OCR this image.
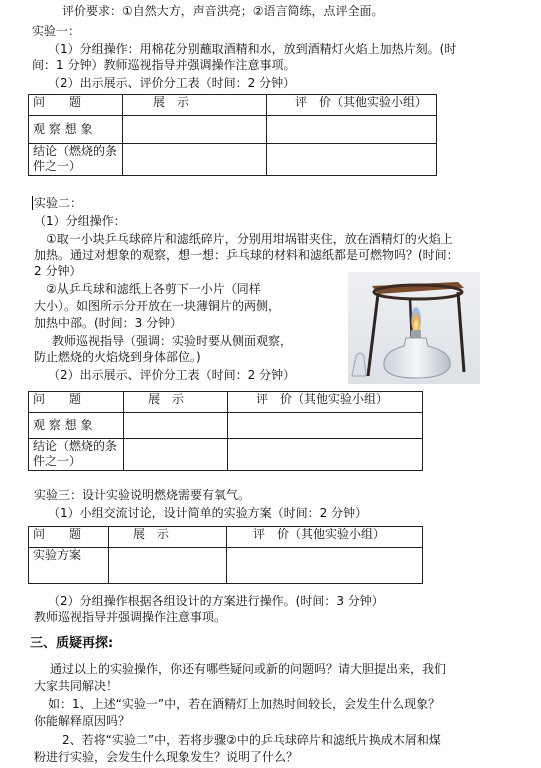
评价要求：①自然大方，声音洪亮；②语言简练，点评全面。
实验一：
（1）分组操作：用棉花分别蘸取酒精和水，放到酒精灯火焰上加热片刻。(时
间：1 分钟）教师巡视指导并强调操作注意事项。
（2）出示展示、评价分工表（时间：2 分钟）
问　　题	展　示	评　价（其他实验小组）
观 察 想 象		
结论（燃烧的条件之一）		
实验二：
（1）分组操作：
①取一小块乒乓球碎片和滤纸碎片，分别用坩埚钳夹住，放在酒精灯的火焰上
加热。通过对想象的观察，想一想：乒乓球的材料和滤纸都是可燃物吗？(时间：
2 分钟）
②从乒乓球和滤纸上各剪下一小片（同样
大小）。如图所示分开放在一块薄铜片的两侧，
加热中部。(时间：3 分钟）
教师巡视指导（强调：实验时要从侧面观察，
防止燃烧的火焰烧到身体部位。)
（2）出示展示、评价分工表（时间：2 分钟）
问　　题	展　示	评　价（其他实验小组）
观 察 想 象		
结论（燃烧的条件之一）		
实验三：设计实验说明燃烧需要有氧气。
（1）小组交流讨论，设计简单的实验方案（时间：2 分钟）
问　　题	展　示	评　价（其他实验小组）
实验方案		
（2）分组操作根据各组设计的方案进行操作。(时间：3 分钟）
教师巡视指导并强调操作注意事项。
三、质疑再探:
通过以上的实验操作，你还有哪些疑问或新的问题吗？请大胆提出来，我们
大家共同解决！
如：1、上述“实验一”中，若在酒精灯上加热时间较长，会发生什么现象？
你能解释原因吗？
2、若将“实验二”中，若将步骤②中的乒乓球碎片和滤纸片换成木屑和煤
粉进行实验，会发生什么现象发生？说明了什么？
